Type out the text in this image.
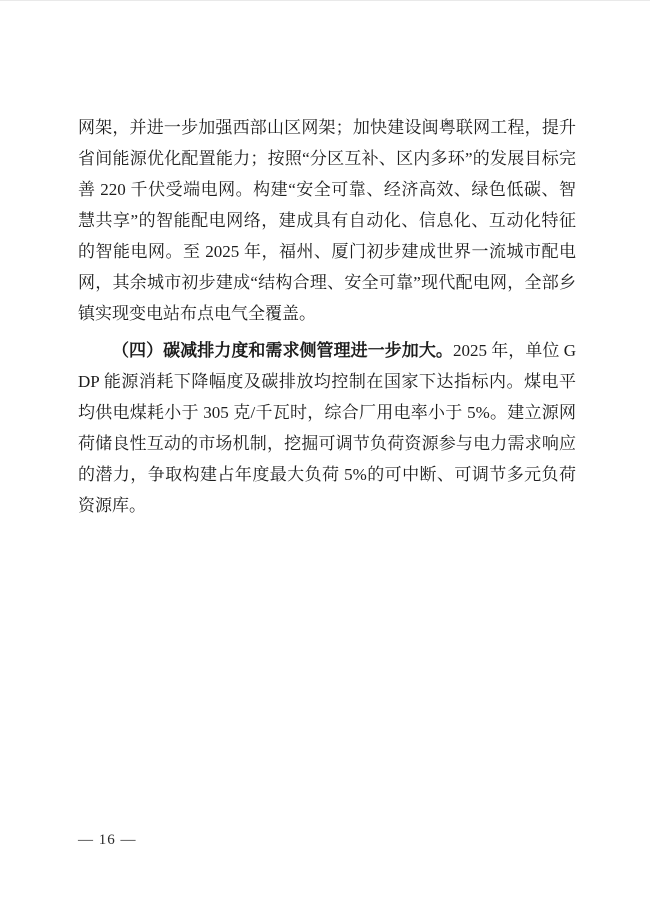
网架，并进一步加强西部山区网架；加快建设闽粤联网工程，提升省间能源优化配置能力；按照“分区互补、区内多环”的发展目标完善 220 千伏受端电网。构建“安全可靠、经济高效、绿色低碳、智慧共享”的智能配电网络，建成具有自动化、信息化、互动化特征的智能电网。至 2025 年，福州、厦门初步建成世界一流城市配电网，其余城市初步建成“结构合理、安全可靠”现代配电网，全部乡镇实现变电站布点电气全覆盖。

（四）碳减排力度和需求侧管理进一步加大。2025 年，单位 GDP 能源消耗下降幅度及碳排放均控制在国家下达指标内。煤电平均供电煤耗小于 305 克/千瓦时，综合厂用电率小于 5%。建立源网荷储良性互动的市场机制，挖掘可调节负荷资源参与电力需求响应的潜力，争取构建占年度最大负荷 5%的可中断、可调节多元负荷资源库。

— 16 —
